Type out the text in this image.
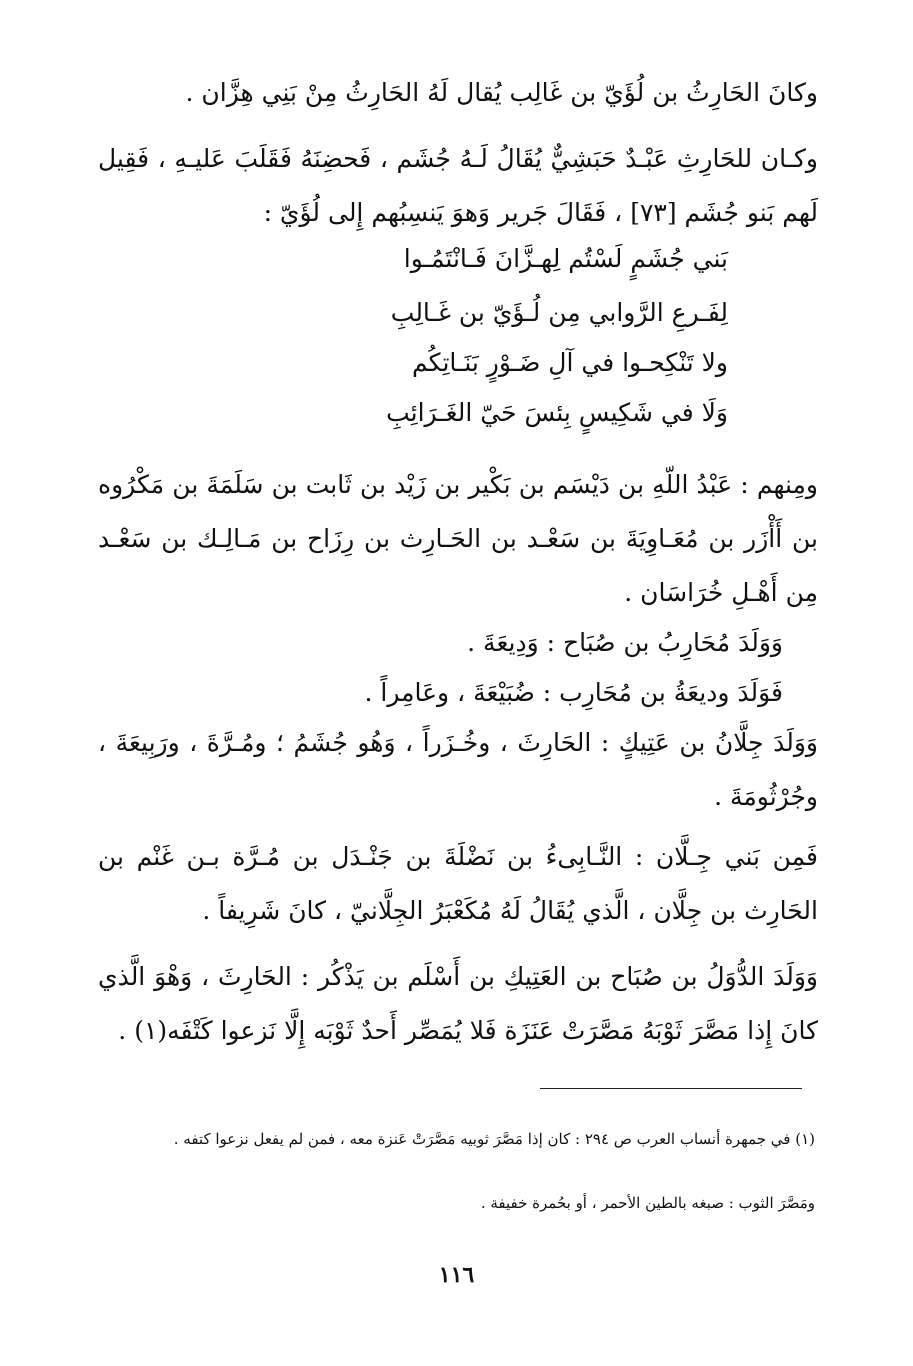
وكانَ الحَارِثُ بن لُؤَيّ بن غَالِب يُقال لَهُ الحَارِثُ مِنْ بَنِي هِزَّان .

وكـان للحَارِثِ عَبْـدٌ حَبَشِيٌّ يُقَالُ لَـهُ جُشَم ، فَحضِنَهُ فَقَلَبَ عَليـهِ ، فَقِيل لَهم بَنو جُشَم [٧٣] ، فَقَالَ جَرير وَهوَ يَنسِبُهم إِلى لُؤَيّ :

بَني جُشَمٍ لَسْتُم لِهـزَّانَ فَـانْتَمُـوا

لِفَـرعِ الرَّوابي مِن لُـؤَيّ بن غَـالِبِ

ولا تَنْكِحـوا في آلِ ضَـوْرٍ بَنَـاتِكُم

وَلَا في شَكِيسٍ بِئسَ حَيّ الغَـرَائِبِ

ومِنهم : عَبْدُ اللّهِ بن دَيْسَم بن بَكْير بن زَيْد بن ثَابت بن سَلَمَةَ بن مَكْرُوه بن أَأْزَر بن مُعَـاوِيَةَ بن سَعْـد بن الحَـارِث بن رِزَاح بن مَـالِـك بن سَعْـد مِن أَهْـلِ خُرَاسَان .

وَوَلَدَ مُحَارِبُ بن صُبَاح : وَدِيعَةَ .

فَوَلَدَ وديعَةُ بن مُحَارِب : ضُبَيْعَةَ ، وعَامِراً .

وَوَلَدَ جِلَّانُ بن عَتِيكٍ : الحَارِثَ ، وخُـزَراً ، وَهُو جُشَمُ ؛ ومُـرَّةَ ، ورَبِيعَةَ ، وجُرْثُومَةَ .

فَمِن بَني جِـلَّان : النَّـابِىءُ بن نَضْلَةَ بن جَنْـدَل بن مُـرَّة بـن غَنْم بن الحَارِث بن جِلَّان ، الَّذي يُقَالُ لَهُ مُكَعْبَرُ الجِلَّانيّ ، كانَ شَرِيفاً .

وَوَلَدَ الدُّوَلُ بن صُبَاح بن العَتِيكِ بن أَسْلَم بن يَذْكُر : الحَارِثَ ، وَهْوَ الَّذي كانَ إِذا مَصَّرَ ثَوْبَهُ مَصَّرَتْ عَنَزَة فَلا يُمَصِّر أَحدٌ ثَوْبَه إِلَّا نَزعوا كَتْفَه(١) .

(١) في جمهرة أنساب العرب ص ٢٩٤ : كان إذا مَصَّرَ ثوبيه مَصَّرَتْ عَنزة معه ، فمن لم يفعل نزعوا كتفه .

ومَصَّرَ الثوب : صبغه بالطين الأحمر ، أو بحُمرة خفيفة .

١١٦
